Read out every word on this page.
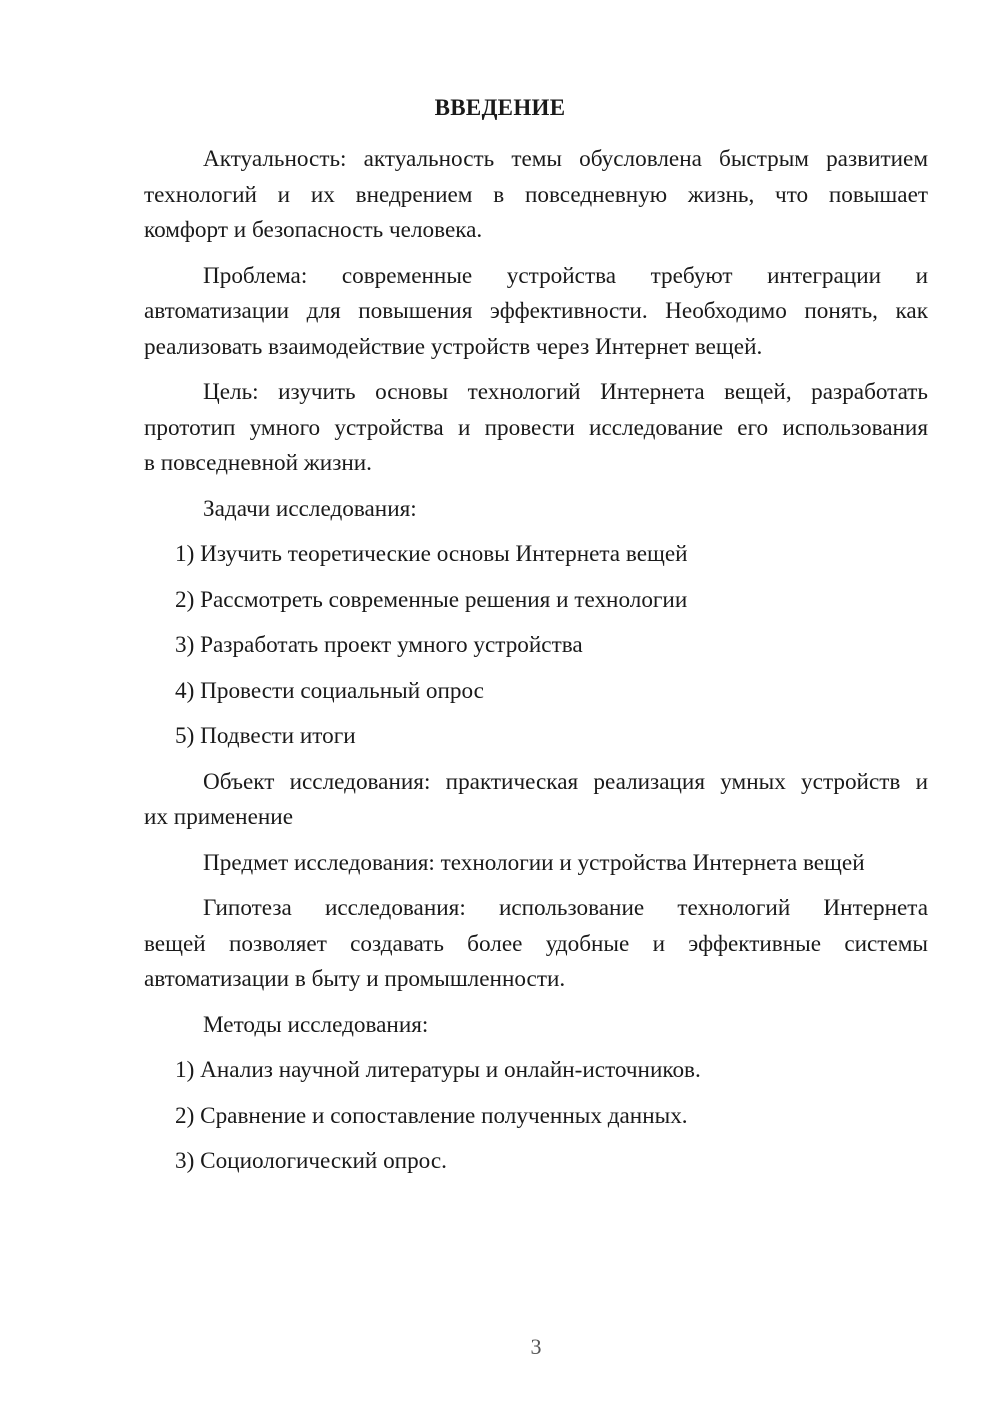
ВВЕДЕНИЕ
Актуальность: актуальность темы обусловлена быстрым развитием
технологий и их внедрением в повседневную жизнь, что повышает
комфорт и безопасность человека.
Проблема: современные устройства требуют интеграции и
автоматизации для повышения эффективности. Необходимо понять, как
реализовать взаимодействие устройств через Интернет вещей.
Цель: изучить основы технологий Интернета вещей, разработать
прототип умного устройства и провести исследование его использования
в повседневной жизни.
Задачи исследования:
1) Изучить теоретические основы Интернета вещей
2) Рассмотреть современные решения и технологии
3) Разработать проект умного устройства
4) Провести социальный опрос
5) Подвести итоги
Объект исследования: практическая реализация умных устройств и
их применение
Предмет исследования: технологии и устройства Интернета вещей
Гипотеза исследования: использование технологий Интернета
вещей позволяет создавать более удобные и эффективные системы
автоматизации в быту и промышленности.
Методы исследования:
1) Анализ научной литературы и онлайн-источников.
2) Сравнение и сопоставление полученных данных.
3) Социологический опрос.
3
